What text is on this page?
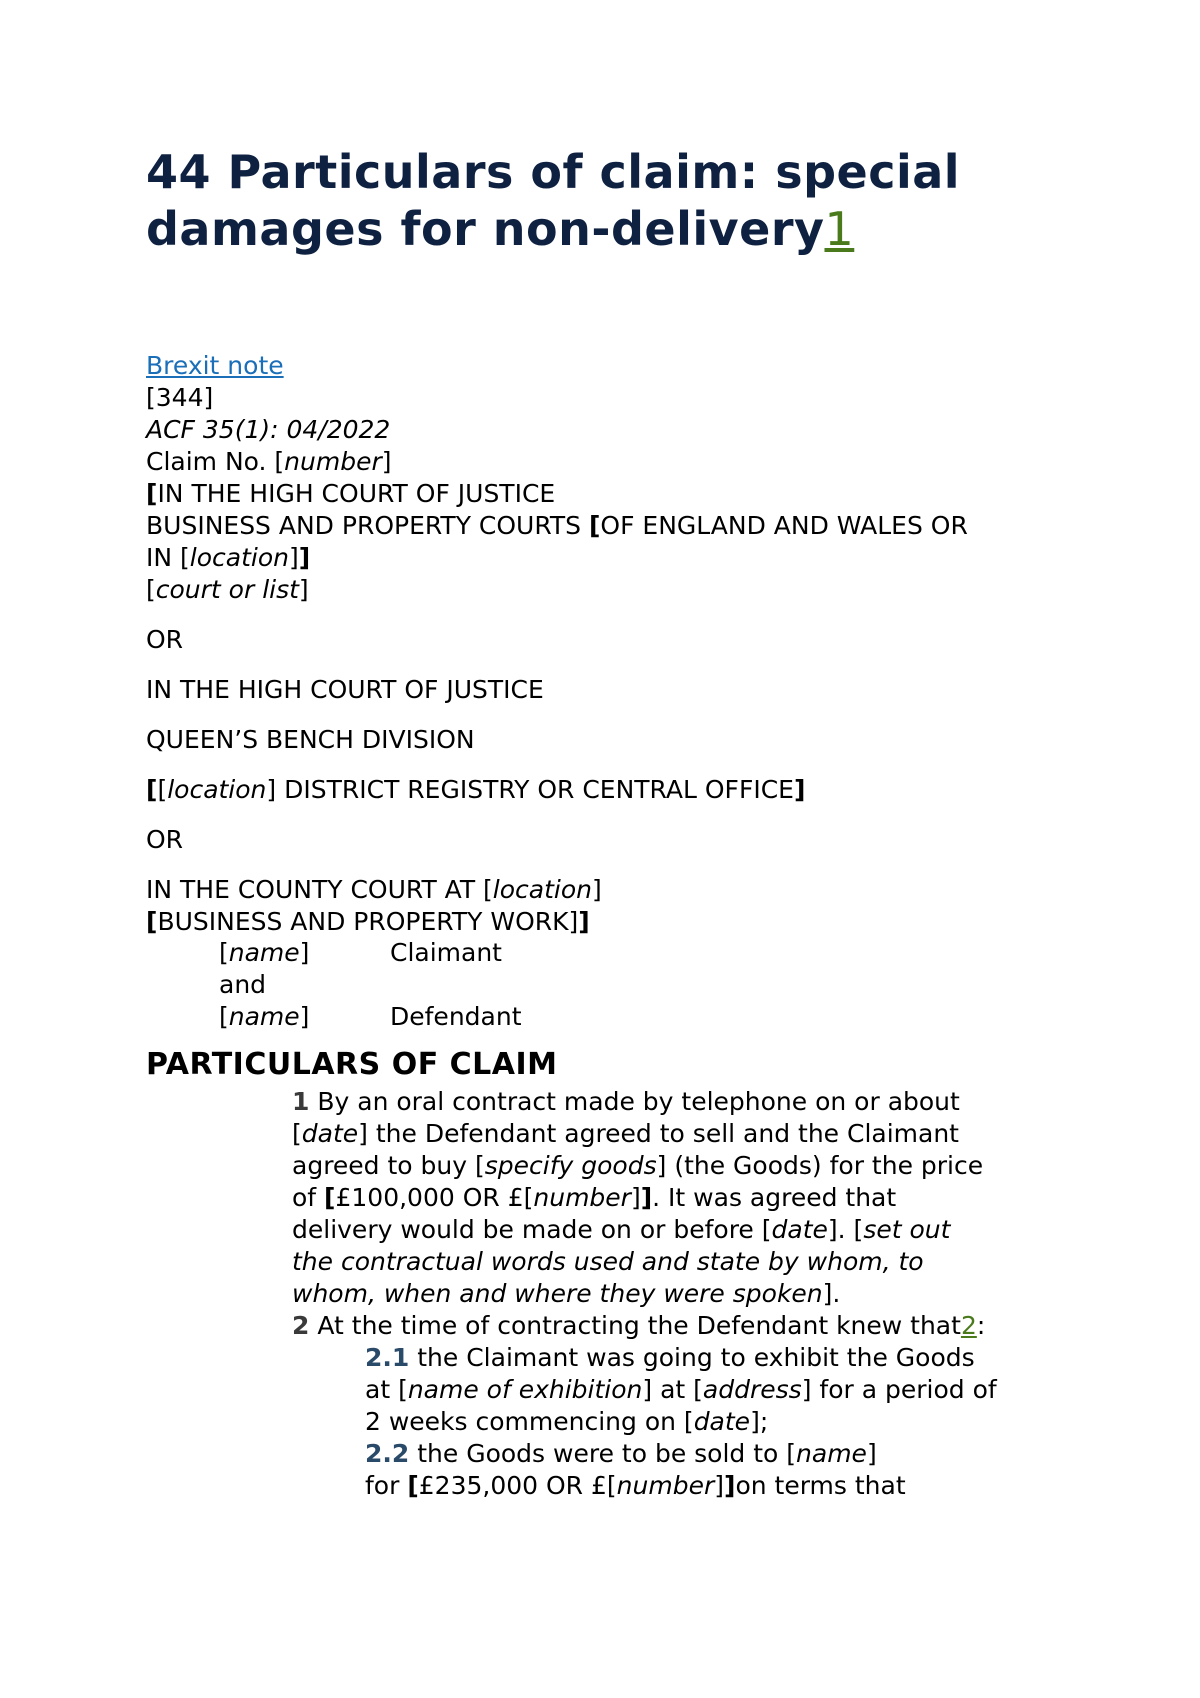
44 Particulars of claim: special
damages for non-delivery1
Brexit note
[344]
ACF 35(1): 04/2022
Claim No. [number]
[IN THE HIGH COURT OF JUSTICE
BUSINESS AND PROPERTY COURTS [OF ENGLAND AND WALES OR
IN [location]]
[court or list]
OR
IN THE HIGH COURT OF JUSTICE
QUEEN’S BENCH DIVISION
[[location] DISTRICT REGISTRY OR CENTRAL OFFICE]
OR
IN THE COUNTY COURT AT [location]
[BUSINESS AND PROPERTY WORK]]
[name]	Claimant
and
[name]	Defendant
PARTICULARS OF CLAIM
1 By an oral contract made by telephone on or about
[date] the Defendant agreed to sell and the Claimant
agreed to buy [specify goods] (the Goods) for the price
of [£100,000 OR £[number]]. It was agreed that
delivery would be made on or before [date]. [set out
the contractual words used and state by whom, to
whom, when and where they were spoken].
2 At the time of contracting the Defendant knew that2:
2.1 the Claimant was going to exhibit the Goods
at [name of exhibition] at [address] for a period of
2 weeks commencing on [date];
2.2 the Goods were to be sold to [name]
for [£235,000 OR £[number]]on terms that
